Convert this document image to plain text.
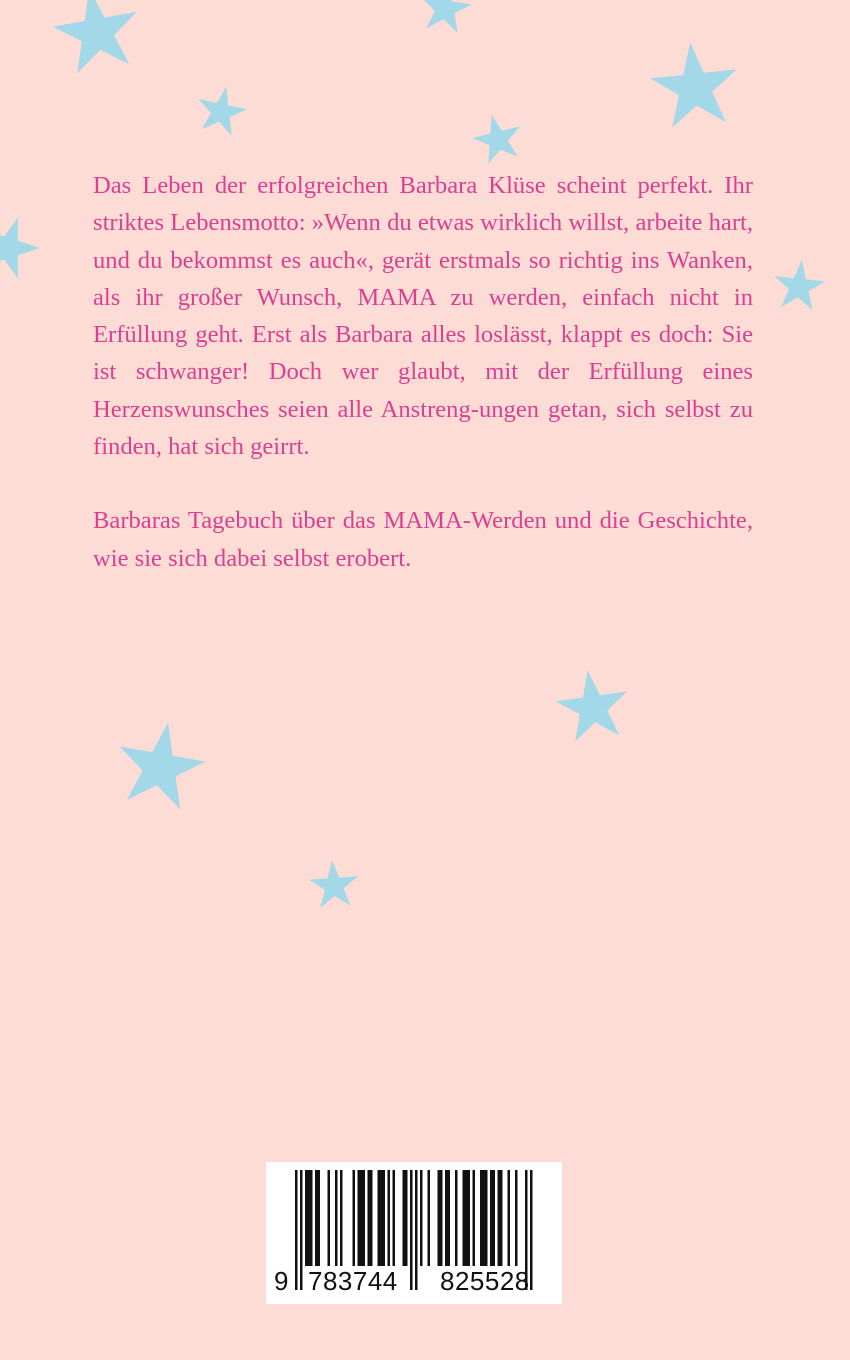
Das Leben der erfolgreichen Barbara Klüse scheint perfekt. Ihr striktes Lebensmotto: »Wenn du etwas wirklich willst, arbeite hart, und du bekommst es auch«, gerät erstmals so richtig ins Wanken, als ihr großer Wunsch, MAMA zu werden, einfach nicht in Erfüllung geht. Erst als Barbara alles loslässt, klappt es doch: Sie ist schwanger! Doch wer glaubt, mit der Erfüllung eines Herzenswunsches seien alle Anstreng-ungen getan, sich selbst zu finden, hat sich geirrt.

Barbaras Tagebuch über das MAMA-Werden und die Geschichte, wie sie sich dabei selbst erobert.

9 783744 825528
